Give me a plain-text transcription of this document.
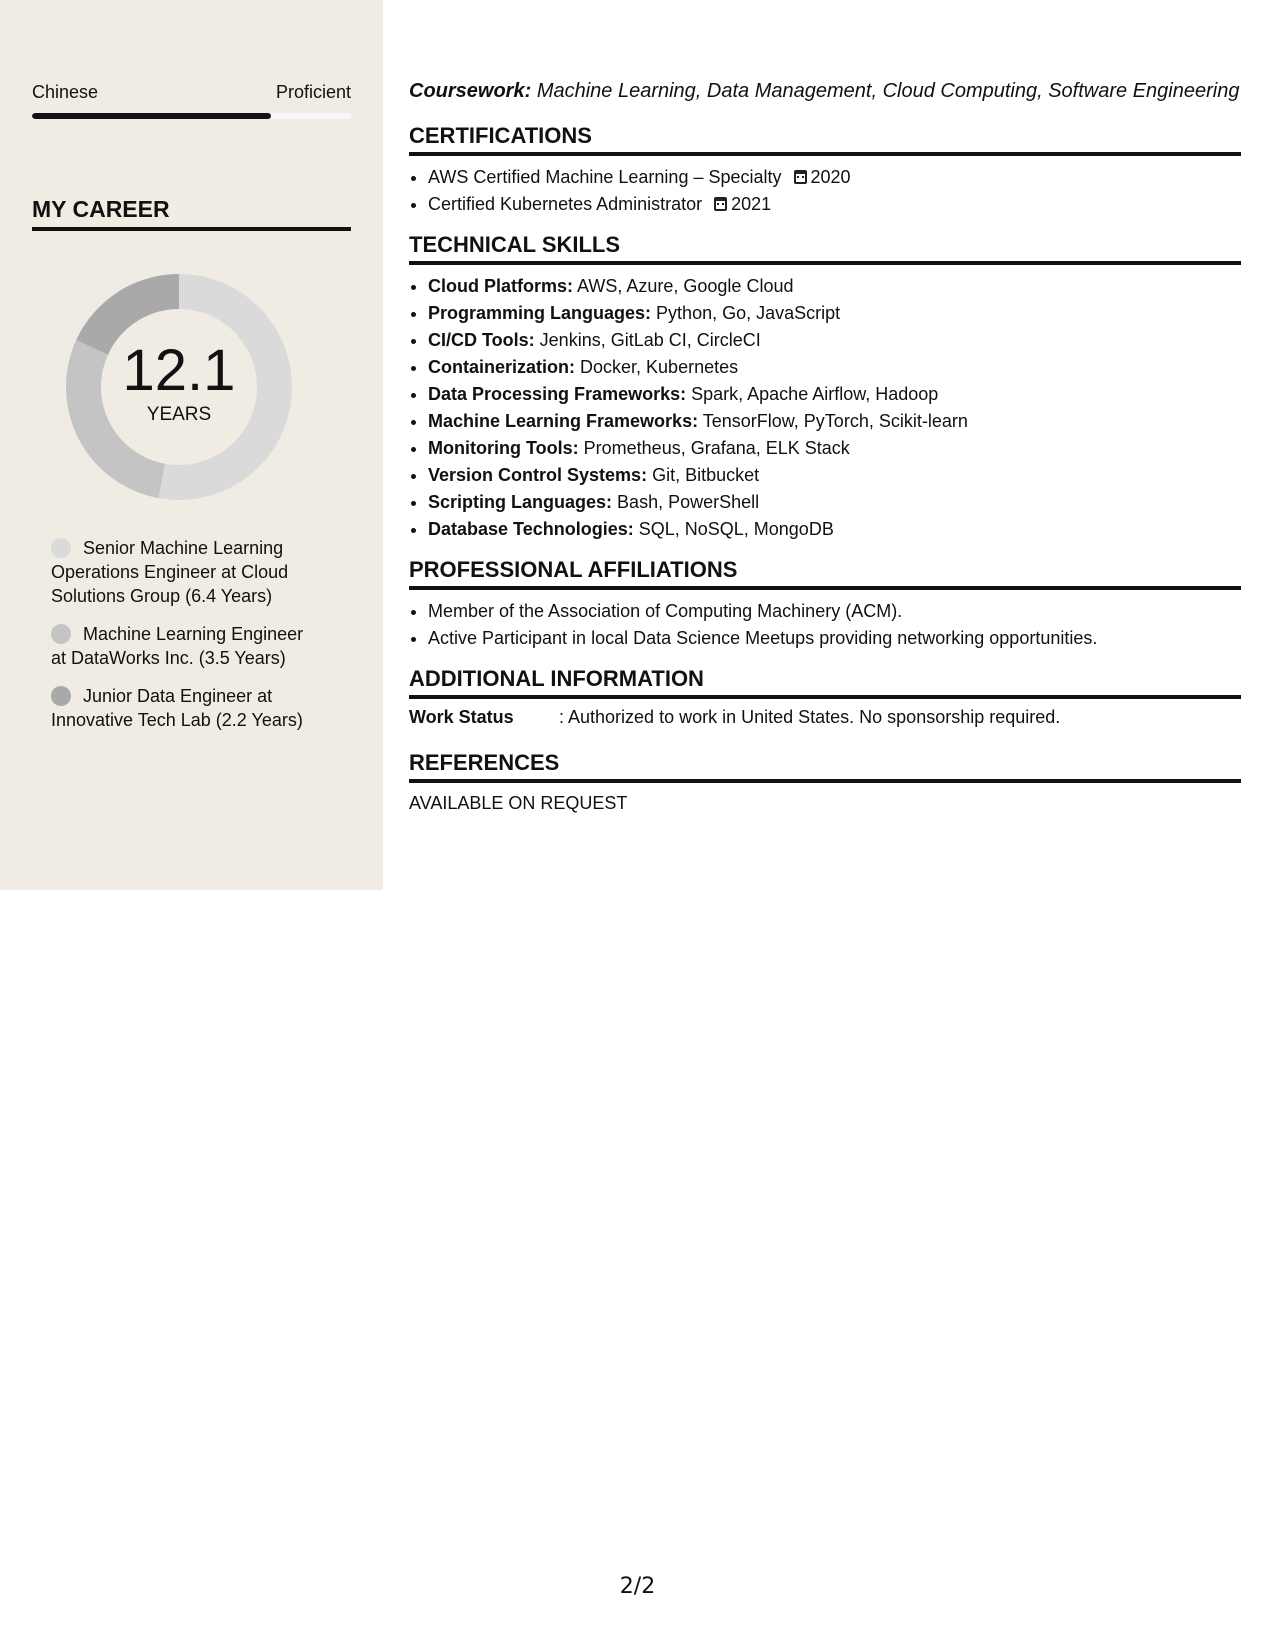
Chinese	Proficient
MY CAREER
12.1
YEARS
Senior Machine Learning Operations Engineer at Cloud Solutions Group (6.4 Years)
Machine Learning Engineer at DataWorks Inc. (3.5 Years)
Junior Data Engineer at Innovative Tech Lab (2.2 Years)

Coursework: Machine Learning, Data Management, Cloud Computing, Software Engineering

CERTIFICATIONS
• AWS Certified Machine Learning – Specialty 2020
• Certified Kubernetes Administrator 2021
TECHNICAL SKILLS
• Cloud Platforms: AWS, Azure, Google Cloud
• Programming Languages: Python, Go, JavaScript
• CI/CD Tools: Jenkins, GitLab CI, CircleCI
• Containerization: Docker, Kubernetes
• Data Processing Frameworks: Spark, Apache Airflow, Hadoop
• Machine Learning Frameworks: TensorFlow, PyTorch, Scikit-learn
• Monitoring Tools: Prometheus, Grafana, ELK Stack
• Version Control Systems: Git, Bitbucket
• Scripting Languages: Bash, PowerShell
• Database Technologies: SQL, NoSQL, MongoDB
PROFESSIONAL AFFILIATIONS
• Member of the Association of Computing Machinery (ACM).
• Active Participant in local Data Science Meetups providing networking opportunities.
ADDITIONAL INFORMATION
Work Status	: Authorized to work in United States. No sponsorship required.
REFERENCES

AVAILABLE ON REQUEST

2/2
